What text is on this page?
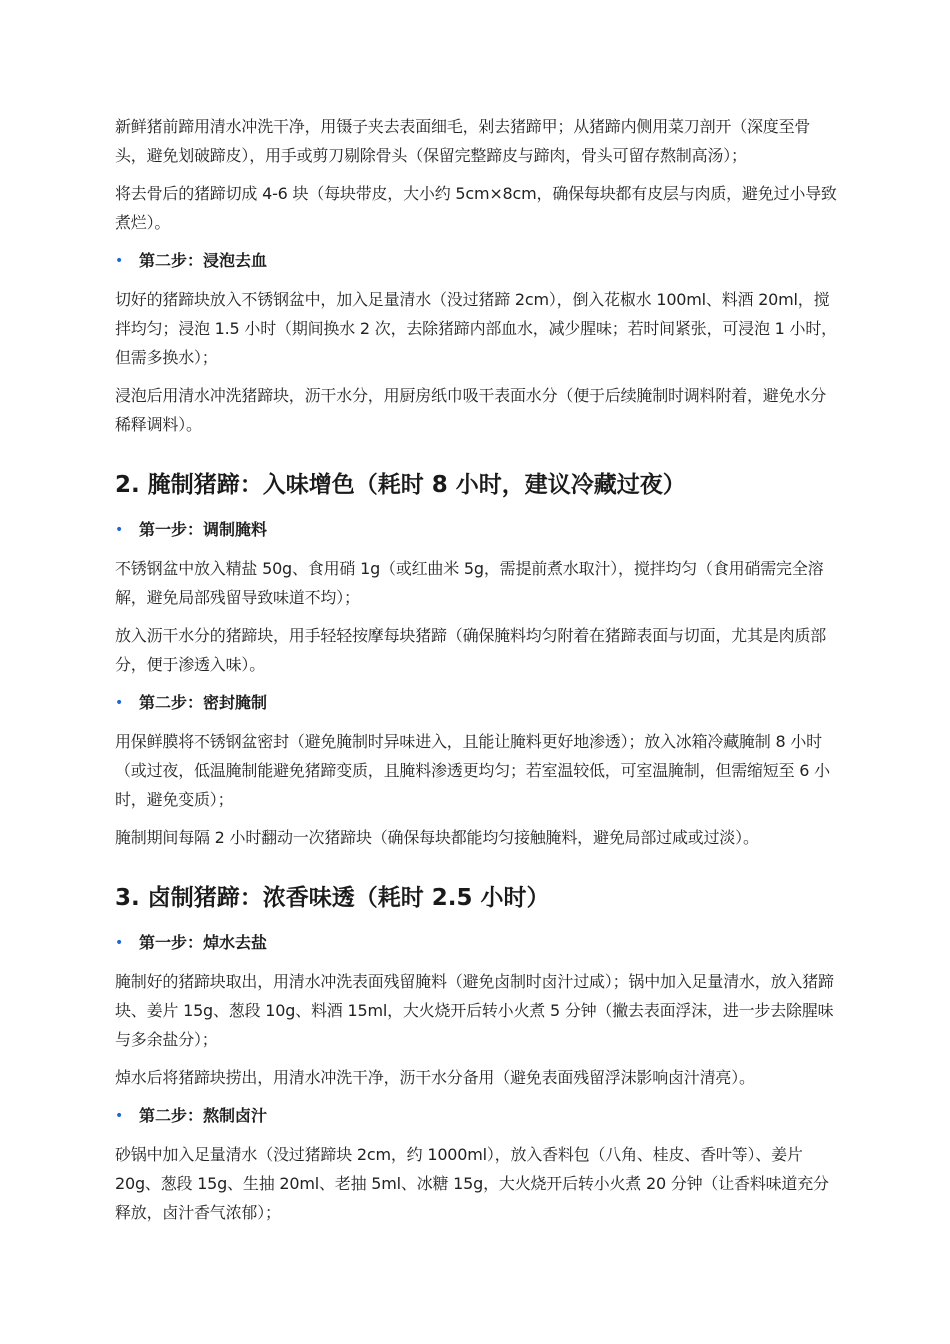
新鲜猪前蹄用清水冲洗干净，用镊子夹去表面细毛，剁去猪蹄甲；从猪蹄内侧用菜刀剖开（深度至骨头，避免划破蹄皮），用手或剪刀剔除骨头（保留完整蹄皮与蹄肉，骨头可留存熬制高汤）；

将去骨后的猪蹄切成 4-6 块（每块带皮，大小约 5cm×8cm，确保每块都有皮层与肉质，避免过小导致煮烂）。

• 第二步：浸泡去血

切好的猪蹄块放入不锈钢盆中，加入足量清水（没过猪蹄 2cm），倒入花椒水 100ml、料酒 20ml，搅拌均匀；浸泡 1.5 小时（期间换水 2 次，去除猪蹄内部血水，减少腥味；若时间紧张，可浸泡 1 小时，但需多换水）；

浸泡后用清水冲洗猪蹄块，沥干水分，用厨房纸巾吸干表面水分（便于后续腌制时调料附着，避免水分稀释调料）。

2. 腌制猪蹄：入味增色（耗时 8 小时，建议冷藏过夜）
• 第一步：调制腌料

不锈钢盆中放入精盐 50g、食用硝 1g（或红曲米 5g，需提前煮水取汁），搅拌均匀（食用硝需完全溶解，避免局部残留导致味道不均）；

放入沥干水分的猪蹄块，用手轻轻按摩每块猪蹄（确保腌料均匀附着在猪蹄表面与切面，尤其是肉质部分，便于渗透入味）。

• 第二步：密封腌制

用保鲜膜将不锈钢盆密封（避免腌制时异味进入，且能让腌料更好地渗透）；放入冰箱冷藏腌制 8 小时（或过夜，低温腌制能避免猪蹄变质，且腌料渗透更均匀；若室温较低，可室温腌制，但需缩短至 6 小时，避免变质）；

腌制期间每隔 2 小时翻动一次猪蹄块（确保每块都能均匀接触腌料，避免局部过咸或过淡）。

3. 卤制猪蹄：浓香味透（耗时 2.5 小时）
• 第一步：焯水去盐

腌制好的猪蹄块取出，用清水冲洗表面残留腌料（避免卤制时卤汁过咸）；锅中加入足量清水，放入猪蹄块、姜片 15g、葱段 10g、料酒 15ml，大火烧开后转小火煮 5 分钟（撇去表面浮沫，进一步去除腥味与多余盐分）；

焯水后将猪蹄块捞出，用清水冲洗干净，沥干水分备用（避免表面残留浮沫影响卤汁清亮）。

• 第二步：熬制卤汁

砂锅中加入足量清水（没过猪蹄块 2cm，约 1000ml），放入香料包（八角、桂皮、香叶等）、姜片 20g、葱段 15g、生抽 20ml、老抽 5ml、冰糖 15g，大火烧开后转小火煮 20 分钟（让香料味道充分释放，卤汁香气浓郁）；
